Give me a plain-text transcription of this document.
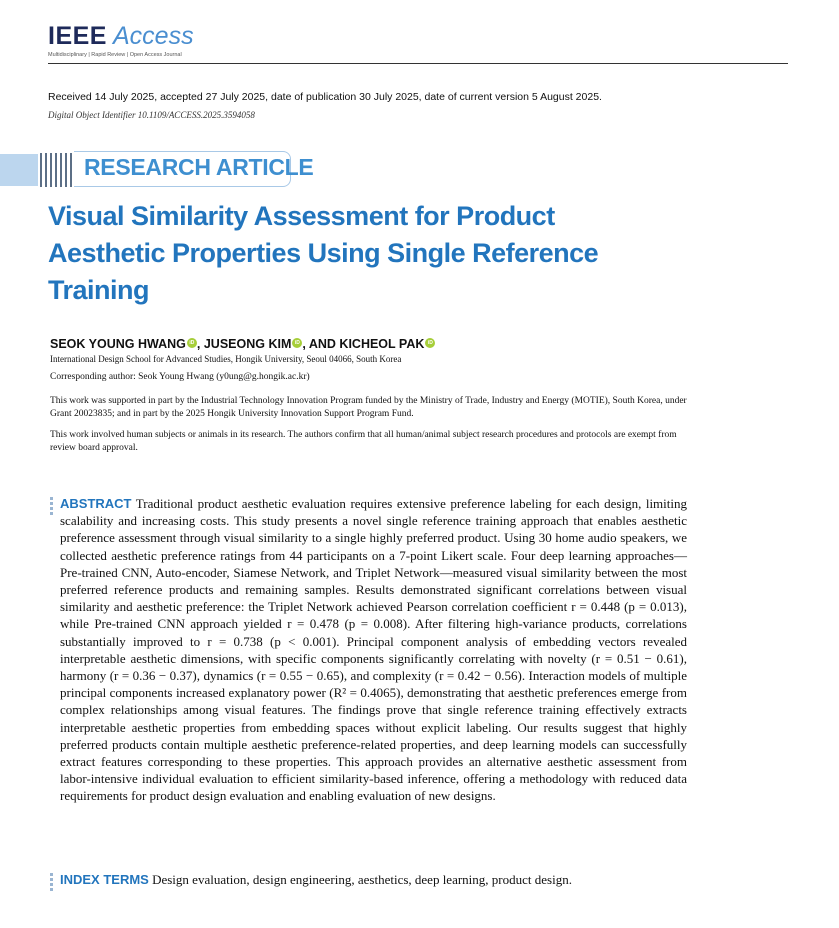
IEEE Access
Multidisciplinary | Rapid Review | Open Access Journal
Received 14 July 2025, accepted 27 July 2025, date of publication 30 July 2025, date of current version 5 August 2025.
Digital Object Identifier 10.1109/ACCESS.2025.3594058
RESEARCH ARTICLE
Visual Similarity Assessment for Product Aesthetic Properties Using Single Reference Training
SEOK YOUNG HWANG iD , JUSEONG KIM iD , AND KICHEOL PAK iD
International Design School for Advanced Studies, Hongik University, Seoul 04066, South Korea
Corresponding author: Seok Young Hwang (y0ung@g.hongik.ac.kr)
This work was supported in part by the Industrial Technology Innovation Program funded by the Ministry of Trade, Industry and Energy (MOTIE), South Korea, under Grant 20023835; and in part by the 2025 Hongik University Innovation Support Program Fund.
This work involved human subjects or animals in its research. The authors confirm that all human/animal subject research procedures and protocols are exempt from review board approval.
ABSTRACT Traditional product aesthetic evaluation requires extensive preference labeling for each design, limiting scalability and increasing costs. This study presents a novel single reference training approach that enables aesthetic preference assessment through visual similarity to a single highly preferred product. Using 30 home audio speakers, we collected aesthetic preference ratings from 44 participants on a 7-point Likert scale. Four deep learning approaches—Pre-trained CNN, Auto-encoder, Siamese Network, and Triplet Network—measured visual similarity between the most preferred reference products and remaining samples. Results demonstrated significant correlations between visual similarity and aesthetic preference: the Triplet Network achieved Pearson correlation coefficient r = 0.448 (p = 0.013), while Pre-trained CNN approach yielded r = 0.478 (p = 0.008). After filtering high-variance products, correlations substantially improved to r = 0.738 (p < 0.001). Principal component analysis of embedding vectors revealed interpretable aesthetic dimensions, with specific components significantly correlating with novelty (r = 0.51 − 0.61), harmony (r = 0.36 − 0.37), dynamics (r = 0.55 − 0.65), and complexity (r = 0.42 − 0.56). Interaction models of multiple principal components increased explanatory power (R² = 0.4065), demonstrating that aesthetic preferences emerge from complex relationships among visual features. The findings prove that single reference training effectively extracts interpretable aesthetic properties from embedding spaces without explicit labeling. Our results suggest that highly preferred products contain multiple aesthetic preference-related properties, and deep learning models can successfully extract features corresponding to these properties. This approach provides an alternative aesthetic assessment from labor-intensive individual evaluation to efficient similarity-based inference, offering a methodology with reduced data requirements for product design evaluation and enabling evaluation of new designs.
INDEX TERMS Design evaluation, design engineering, aesthetics, deep learning, product design.
